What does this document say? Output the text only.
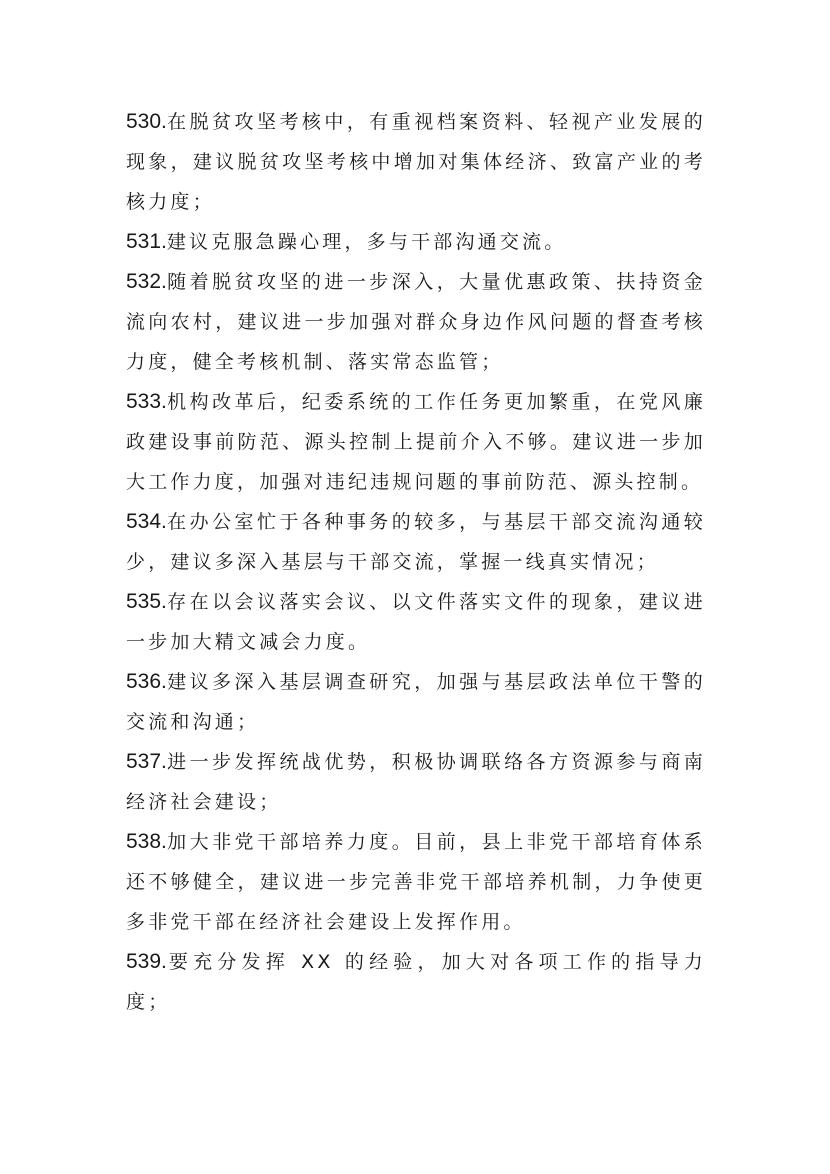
530.在脱贫攻坚考核中，有重视档案资料、轻视产业发展的现象，建议脱贫攻坚考核中增加对集体经济、致富产业的考核力度；

531.建议克服急躁心理，多与干部沟通交流。

532.随着脱贫攻坚的进一步深入，大量优惠政策、扶持资金流向农村，建议进一步加强对群众身边作风问题的督查考核力度，健全考核机制、落实常态监管；

533.机构改革后，纪委系统的工作任务更加繁重，在党风廉政建设事前防范、源头控制上提前介入不够。建议进一步加大工作力度，加强对违纪违规问题的事前防范、源头控制。

534.在办公室忙于各种事务的较多，与基层干部交流沟通较少，建议多深入基层与干部交流，掌握一线真实情况；

535.存在以会议落实会议、以文件落实文件的现象，建议进一步加大精文减会力度。

536.建议多深入基层调查研究，加强与基层政法单位干警的交流和沟通；

537.进一步发挥统战优势，积极协调联络各方资源参与商南经济社会建设；

538.加大非党干部培养力度。目前，县上非党干部培育体系还不够健全，建议进一步完善非党干部培养机制，力争使更多非党干部在经济社会建设上发挥作用。

539.要充分发挥 XX 的经验，加大对各项工作的指导力度；
